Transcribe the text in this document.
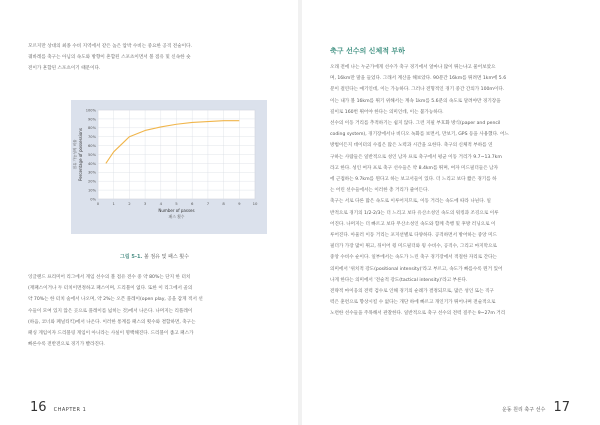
모르지만 상대의 최종 수비 지역에서 같은 높은 압박 수비는 중요한 공격 전술이다.
궤바레를 축구는 아님의 속도와 방향이 흔합된 스포츠이면서 볼 점유 및 신속한 숏
전이가 흔합된 스포츠이기 때문이다.
0%
10%
20%
30%
40%
50%
60%
70%
80%
90%
100%
0	1	2	3	4	5	6	7	8	9	10
Number of passes
패스 횟수
Percentage of possessions
점유 가능성의 비율
그림 5-1. 볼 점유 및 패스 횟수
잉글랜드 프리미어 리그에서 게임 선수의 볼 점유 전수 중 약 80%는 단지 한 터치
(재패스이거나 두 터치이면정하고 패스이며, 드리블이 없다. 또한 이 리그에서 골의
약 70%는 한 터치 숲에서 나오며, 약 2%는 오픈 플레이(open play, 공을 갑게 적서 선
수들이 모여 있지 않은 곳으로 플레이를 넓히는 것)에서 나온다. 나머지는 리플레이
(하음, 코너와 페널티킥)에서 나온다. 이러한 통계를 패스의 횟수와 결합하면, 축구는
패싱 게임이자 드리블링 게임이 아니라는 사실이 명백해진다. 드리블이 좁고 패스가
빠른수록 전반전으로 경기가 빨라진다.
16 CHAPTER 1
축구 선수의 신체적 부하
오래 전에 나는 누군가에게 선수가 축구 경기에서 얼마나 많이 뛰는냐고 물어보았으
며, 16km만 말을 들었다. 그래서 계산을 해보았다. 90분간 16km를 뛰려면 1km에 5.6
분이 걸린다는 얘기인데, 이는 가능하다. 그러나 전형적인 경기 중간 간의가 100m이다.
이는 내가 볼 16km를 뛰기 위해서는 계속 1km를 5.6분의 속도로 달려야만 경기장을
길이로 160번 뛰어야 한다는 의미인데, 이는 불가능하다.
선수의 이동 거리를 추적하기는 쉽지 않다. 그런 지필 부호화 방식(paper and pencil
coding system), 경기장에서나 비디오 녹화를 보면서, 만보기, GPS 등을 사용했다. 어느
방법이든지 데이터의 수집은 많은 노력과 시간을 요한다. 축구의 신체적 부하를 연
구하는 사람들은 일반적으로 성인 남자 프로 축구에서 평균 이동 거리가 9.7~13.7km
라고 한다. 성인 여자 프로 축구 선수들은 약 8.4km를 뛰며, 여자 미드필더들은 남자
에 근접하는 9.7km를 뛴다고 하는 보고서들이 있다. 더 느리고 보다 짧은 경기를 하
는 어린 선수들에서는 이러한 총 거리가 줄어든다.
축구는 서로 다른 많은 속도로 이루어지므로, 이동 거리는 속도에 따라 나뉜다. 일
반적으로 경기의 1/2-2/3는 더 느리고 보다 유산소성인 속도의 워킹과 조깅으로 이루
어진다. 나머지는 더 빠르고 보다 무산소성인 속도와 함께 측행 및 후방 러닝으로 이
루어진다. 아울러 이동 거리는 포지션별로 다양하다. 공격하면서 방어하는 중앙 미드
필더가 가장 많이 뛰고, 뒤이어 윙 미드필더와 윙 수비수, 공격수, 그리고 마지막으로
중앙 수비수 순이다. 일부에서는 속도가 느린 축구 경기장에서 적절한 자리로 간다는
의미에서 '위치적 강도(positional intensity)'라고 부르고, 속도가 빠를수록 뛴거 있어
나게 한다는 의미에서 '전술적 강도(tactical intensity)'라고 부른다.
전략적 마이웅의 전력 검수로 인해 경기의 순례가 결정되므로, 많은 성인 또는 직구
력은 훈련으로 향상시킬 수 없다는 개단 하에 빠르고 개인기가 뛰어나며 전술적으로
노련한 선수들을 주목해서 관찰한다. 일반적으로 축구 선수의 전력 질주는 9~27m 거리
운동 원리 축구 선수 17
